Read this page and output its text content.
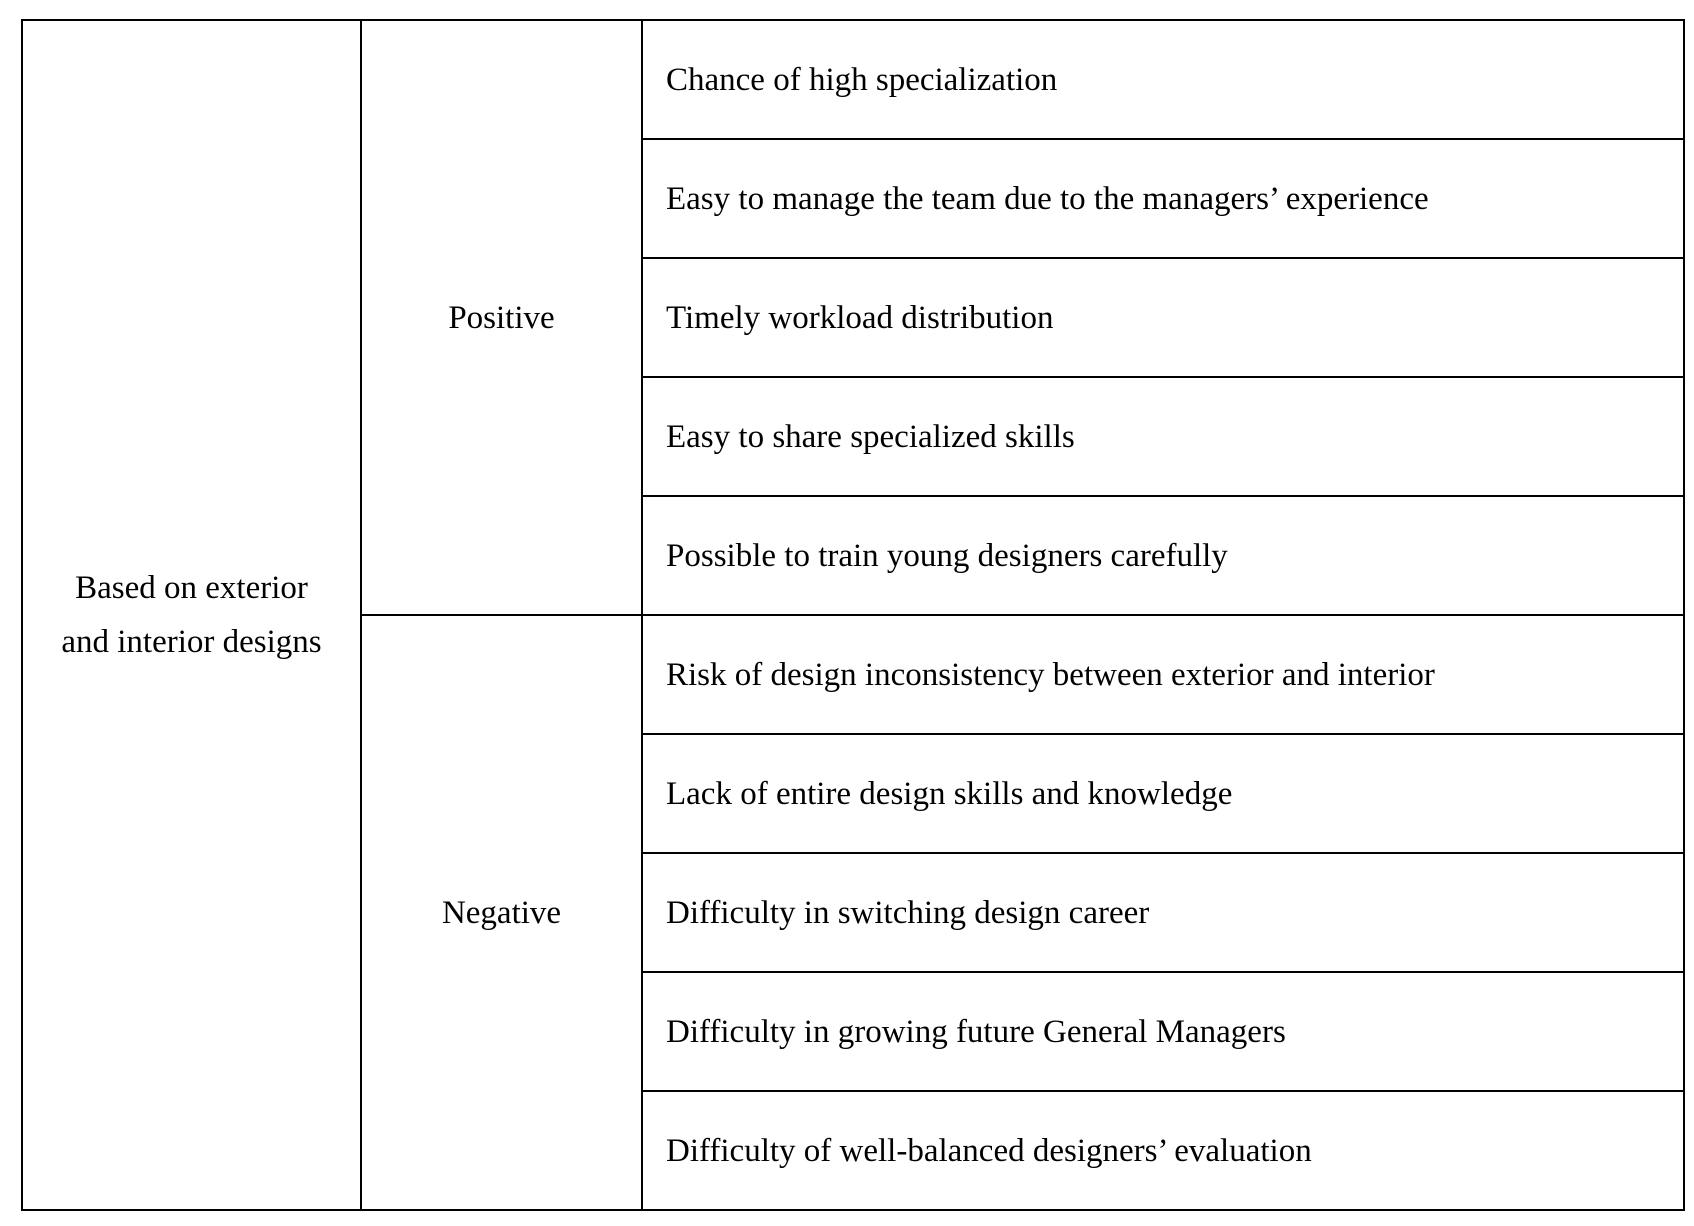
Based on exterior
and interior designs	Positive	Chance of high specialization
		Easy to manage the team due to the managers’ experience
		Timely workload distribution
		Easy to share specialized skills
		Possible to train young designers carefully
	Negative	Risk of design inconsistency between exterior and interior
		Lack of entire design skills and knowledge
		Difficulty in switching design career
		Difficulty in growing future General Managers
		Difficulty of well-balanced designers’ evaluation
